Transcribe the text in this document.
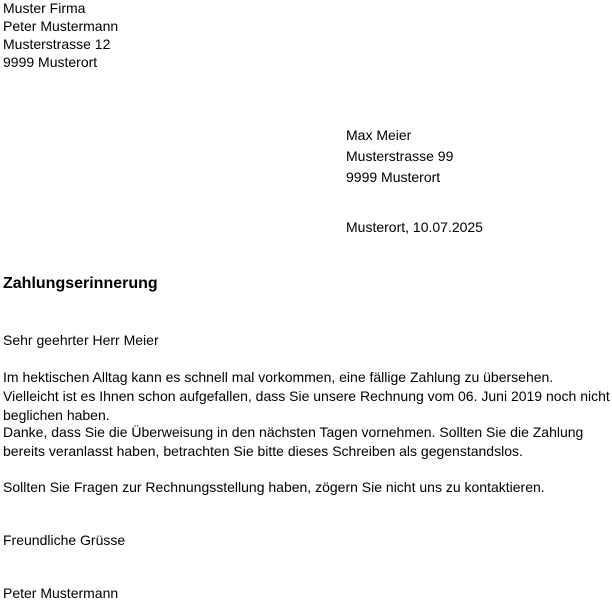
Muster Firma
Peter Mustermann
Musterstrasse 12
9999 Musterort
Max Meier
Musterstrasse 99
9999 Musterort
Musterort, 10.07.2025
Zahlungserinnerung
Sehr geehrter Herr Meier
Im hektischen Alltag kann es schnell mal vorkommen, eine fällige Zahlung zu übersehen. Vielleicht ist es Ihnen schon aufgefallen, dass Sie unsere Rechnung vom 06. Juni 2019 noch nicht beglichen haben.
Danke, dass Sie die Überweisung in den nächsten Tagen vornehmen. Sollten Sie die Zahlung bereits veranlasst haben, betrachten Sie bitte dieses Schreiben als gegenstandslos.
Sollten Sie Fragen zur Rechnungsstellung haben, zögern Sie nicht uns zu kontaktieren.
Freundliche Grüsse
Peter Mustermann
